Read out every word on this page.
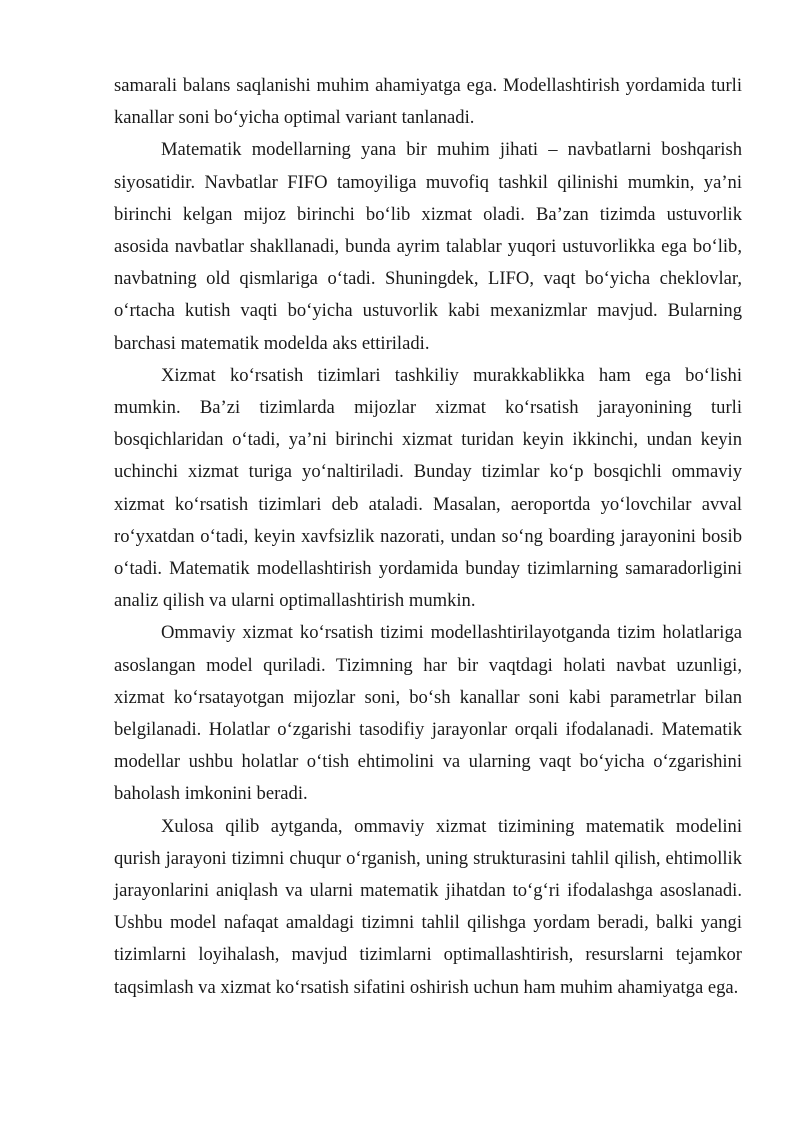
samarali balans saqlanishi muhim ahamiyatga ega. Modellashtirish yordamida turli kanallar soni bo‘yicha optimal variant tanlanadi.

Matematik modellarning yana bir muhim jihati – navbatlarni boshqarish siyosatidir. Navbatlar FIFO tamoyiliga muvofiq tashkil qilinishi mumkin, ya’ni birinchi kelgan mijoz birinchi bo‘lib xizmat oladi. Ba’zan tizimda ustuvorlik asosida navbatlar shakllanadi, bunda ayrim talablar yuqori ustuvorlikka ega bo‘lib, navbatning old qismlariga o‘tadi. Shuningdek, LIFO, vaqt bo‘yicha cheklovlar, o‘rtacha kutish vaqti bo‘yicha ustuvorlik kabi mexanizmlar mavjud. Bularning barchasi matematik modelda aks ettiriladi.

Xizmat ko‘rsatish tizimlari tashkiliy murakkablikka ham ega bo‘lishi mumkin. Ba’zi tizimlarda mijozlar xizmat ko‘rsatish jarayonining turli bosqichlaridan o‘tadi, ya’ni birinchi xizmat turidan keyin ikkinchi, undan keyin uchinchi xizmat turiga yo‘naltiriladi. Bunday tizimlar ko‘p bosqichli ommaviy xizmat ko‘rsatish tizimlari deb ataladi. Masalan, aeroportda yo‘lovchilar avval ro‘yxatdan o‘tadi, keyin xavfsizlik nazorati, undan so‘ng boarding jarayonini bosib o‘tadi. Matematik modellashtirish yordamida bunday tizimlarning samaradorligini analiz qilish va ularni optimallashtirish mumkin.

Ommaviy xizmat ko‘rsatish tizimi modellashtirilayotganda tizim holatlariga asoslangan model quriladi. Tizimning har bir vaqtdagi holati navbat uzunligi, xizmat ko‘rsatayotgan mijozlar soni, bo‘sh kanallar soni kabi parametrlar bilan belgilanadi. Holatlar o‘zgarishi tasodifiy jarayonlar orqali ifodalanadi. Matematik modellar ushbu holatlar o‘tish ehtimolini va ularning vaqt bo‘yicha o‘zgarishini baholash imkonini beradi.

Xulosa qilib aytganda, ommaviy xizmat tizimining matematik modelini qurish jarayoni tizimni chuqur o‘rganish, uning strukturasini tahlil qilish, ehtimollik jarayonlarini aniqlash va ularni matematik jihatdan to‘g‘ri ifodalashga asoslanadi. Ushbu model nafaqat amaldagi tizimni tahlil qilishga yordam beradi, balki yangi tizimlarni loyihalash, mavjud tizimlarni optimallashtirish, resurslarni tejamkor taqsimlash va xizmat ko‘rsatish sifatini oshirish uchun ham muhim ahamiyatga ega.
